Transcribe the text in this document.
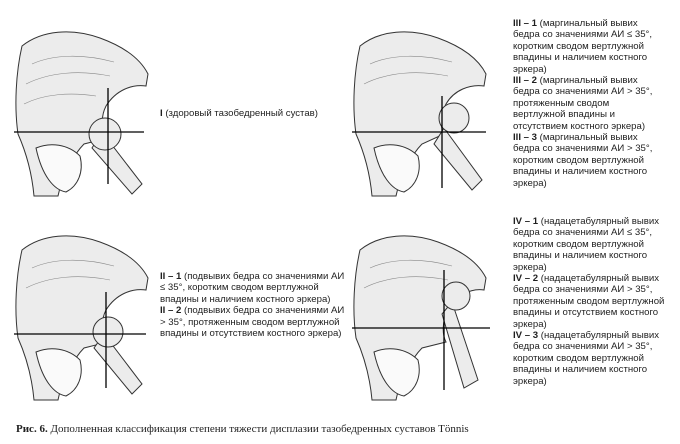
I (здоровый тазобедренный сустав)
III – 1 (маргинальный вывих бедра со значениями АИ ≤ 35°, коротким сводом вертлужной впадины и наличием костного эркера)
III – 2 (маргинальный вывих бедра со значениями АИ > 35°, протяженным сводом вертлужной впадины и отсутствием костного эркера)
III – 3 (маргинальный вывих бедра со значениями АИ > 35°, коротким сводом вертлужной впадины и наличием костного эркера)
II – 1 (подвывих бедра со значениями АИ ≤ 35°, коротким сводом вертлужной впадины и наличием костного эркера)
II – 2 (подвывих бедра со значениями АИ > 35°, протяженным сводом вертлужной впадины и отсутствием костного эркера)
IV – 1 (надацетабулярный вывих бедра со значениями АИ ≤ 35°, коротким сводом вертлужной впадины и наличием костного эркера)
IV – 2 (надацетабулярный вывих бедра со значениями АИ > 35°, протяженным сводом вертлужной впадины и отсутствием костного эркера)
IV – 3 (надацетабулярный вывих бедра со значениями АИ > 35°, коротким сводом вертлужной впадины и наличием костного эркера)
Рис. 6. Дополненная классификация степени тяжести дисплазии тазобедренных суставов Tönnis
